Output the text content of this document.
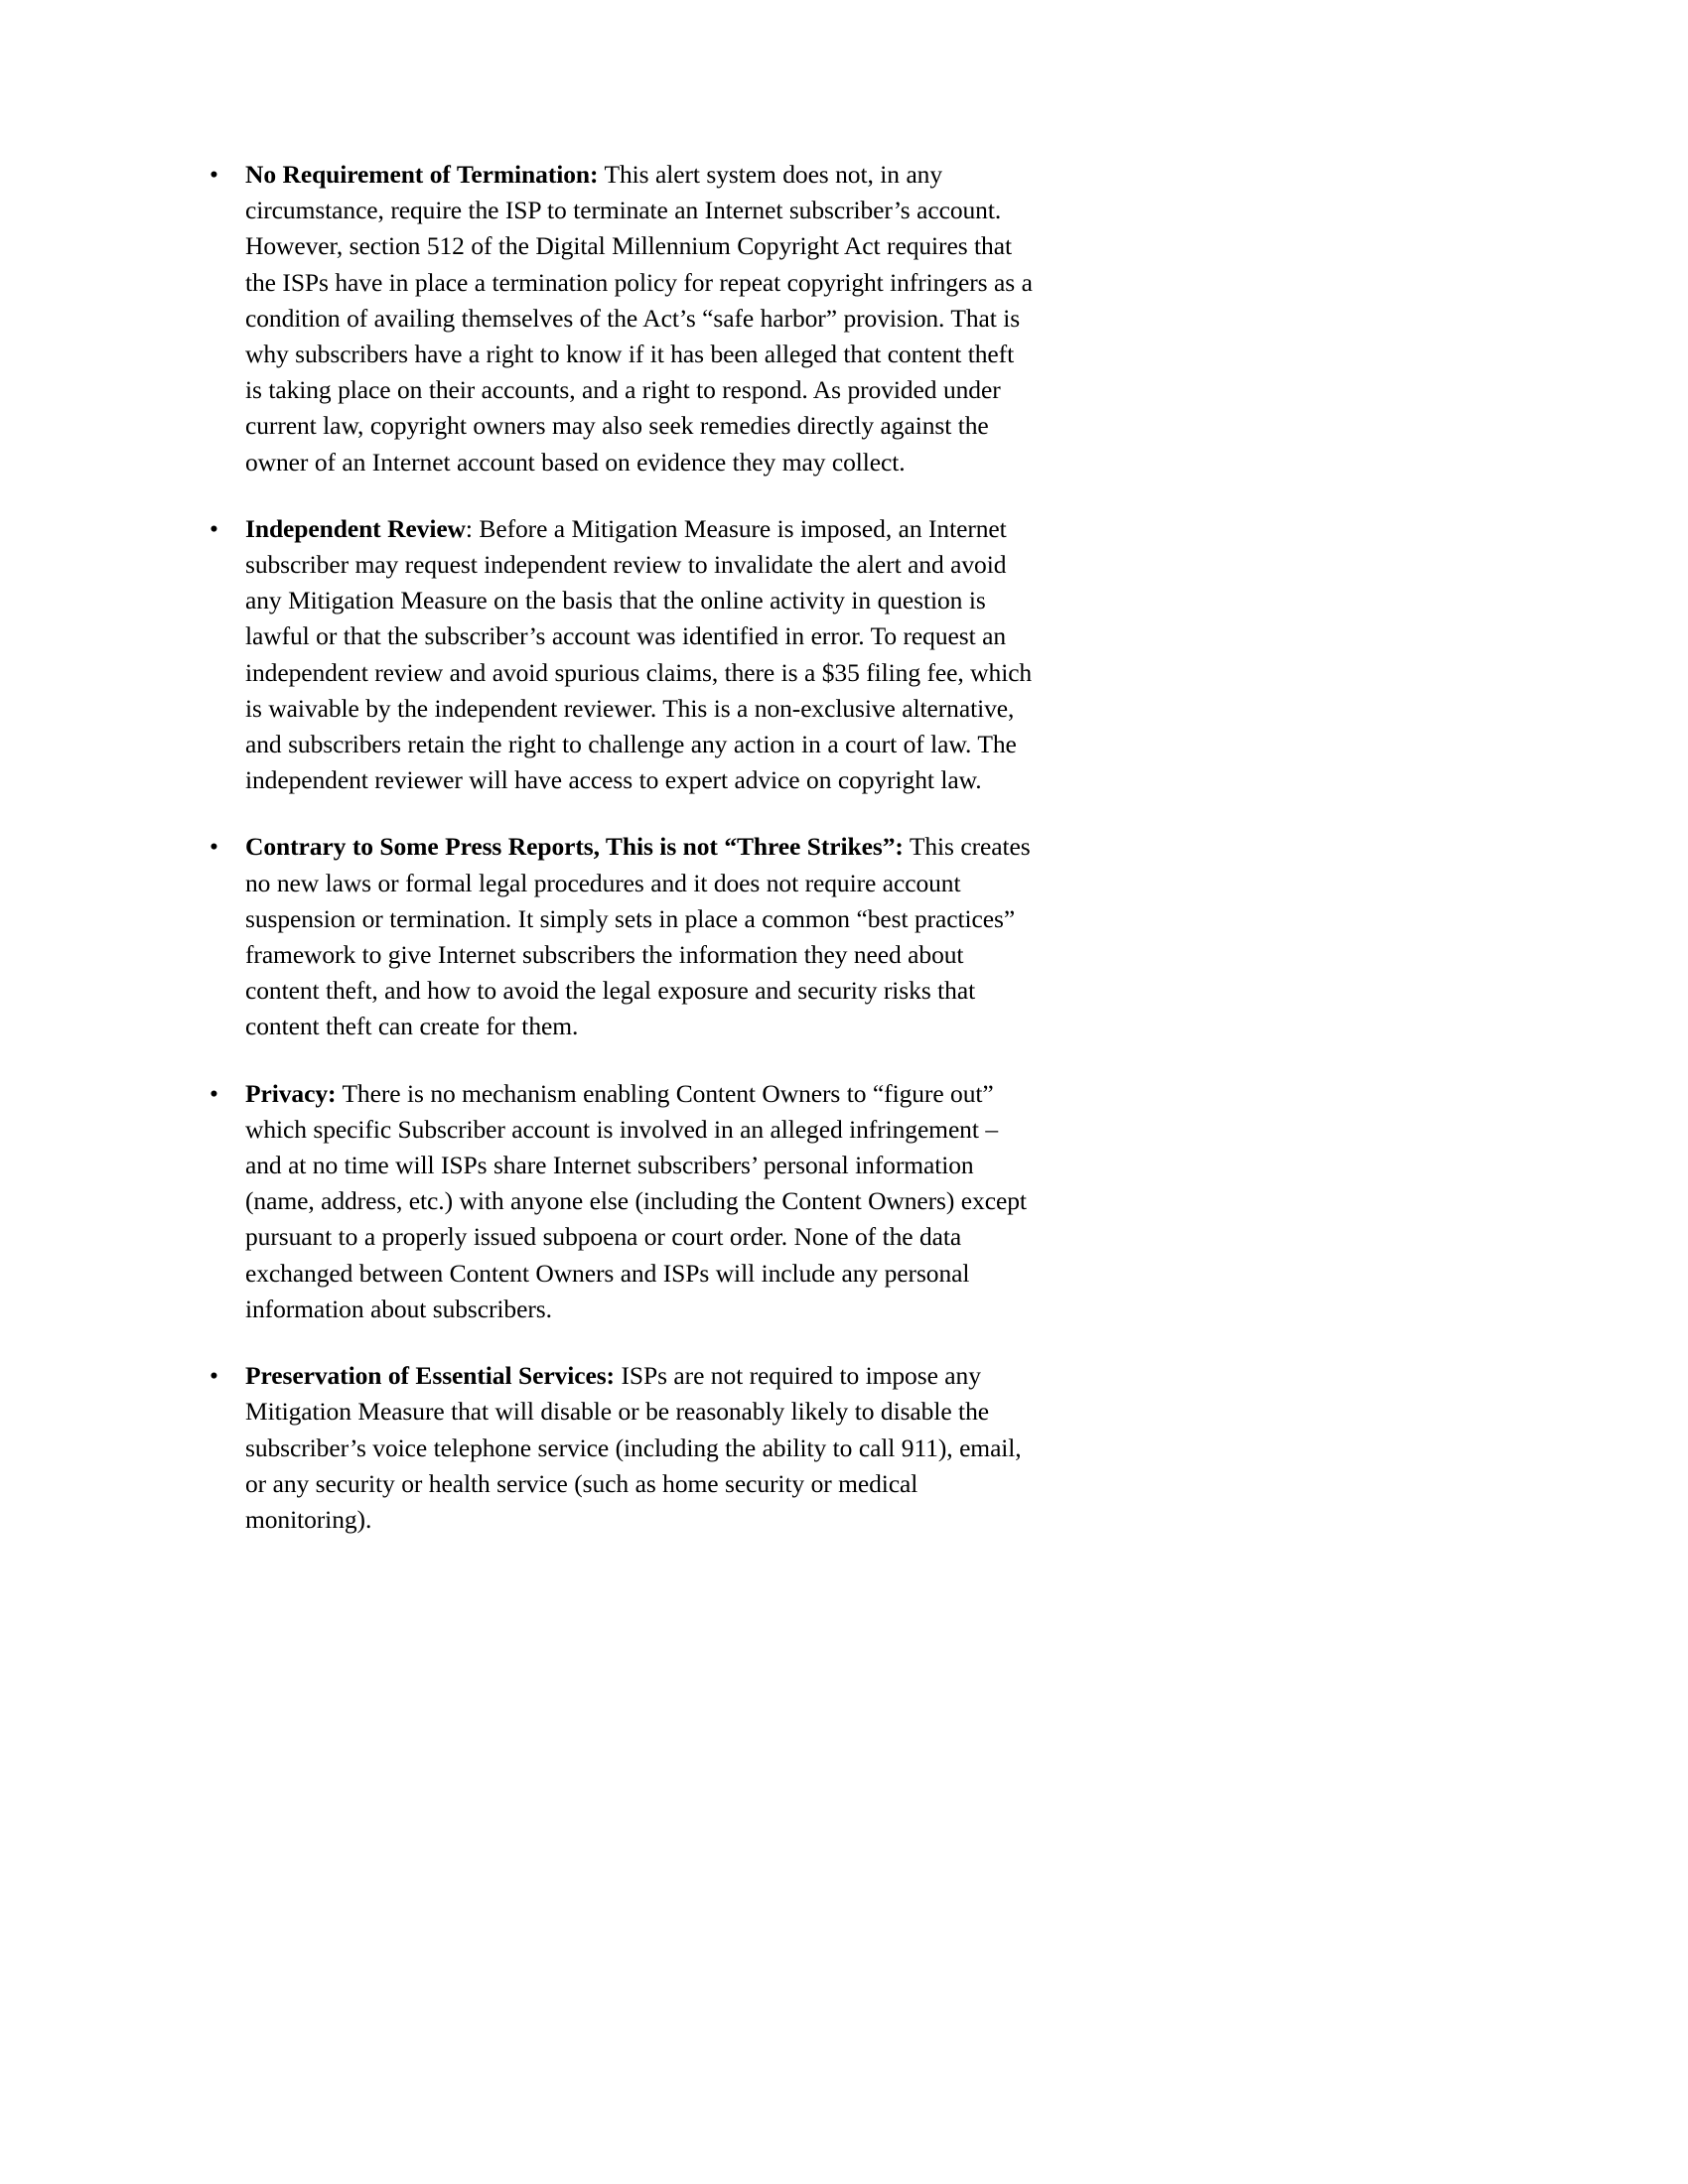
•	No Requirement of Termination: This alert system does not, in any circumstance, require the ISP to terminate an Internet subscriber’s account. However, section 512 of the Digital Millennium Copyright Act requires that the ISPs have in place a termination policy for repeat copyright infringers as a condition of availing themselves of the Act’s “safe harbor” provision. That is why subscribers have a right to know if it has been alleged that content theft is taking place on their accounts, and a right to respond. As provided under current law, copyright owners may also seek remedies directly against the owner of an Internet account based on evidence they may collect.
•	Independent Review: Before a Mitigation Measure is imposed, an Internet subscriber may request independent review to invalidate the alert and avoid any Mitigation Measure on the basis that the online activity in question is lawful or that the subscriber’s account was identified in error. To request an independent review and avoid spurious claims, there is a $35 filing fee, which is waivable by the independent reviewer. This is a non-exclusive alternative, and subscribers retain the right to challenge any action in a court of law. The independent reviewer will have access to expert advice on copyright law.
•	Contrary to Some Press Reports, This is not “Three Strikes”: This creates no new laws or formal legal procedures and it does not require account suspension or termination. It simply sets in place a common “best practices” framework to give Internet subscribers the information they need about content theft, and how to avoid the legal exposure and security risks that content theft can create for them.
•	Privacy: There is no mechanism enabling Content Owners to “figure out” which specific Subscriber account is involved in an alleged infringement – and at no time will ISPs share Internet subscribers’ personal information (name, address, etc.) with anyone else (including the Content Owners) except pursuant to a properly issued subpoena or court order. None of the data exchanged between Content Owners and ISPs will include any personal information about subscribers.
•	Preservation of Essential Services: ISPs are not required to impose any Mitigation Measure that will disable or be reasonably likely to disable the subscriber’s voice telephone service (including the ability to call 911), email, or any security or health service (such as home security or medical monitoring).
